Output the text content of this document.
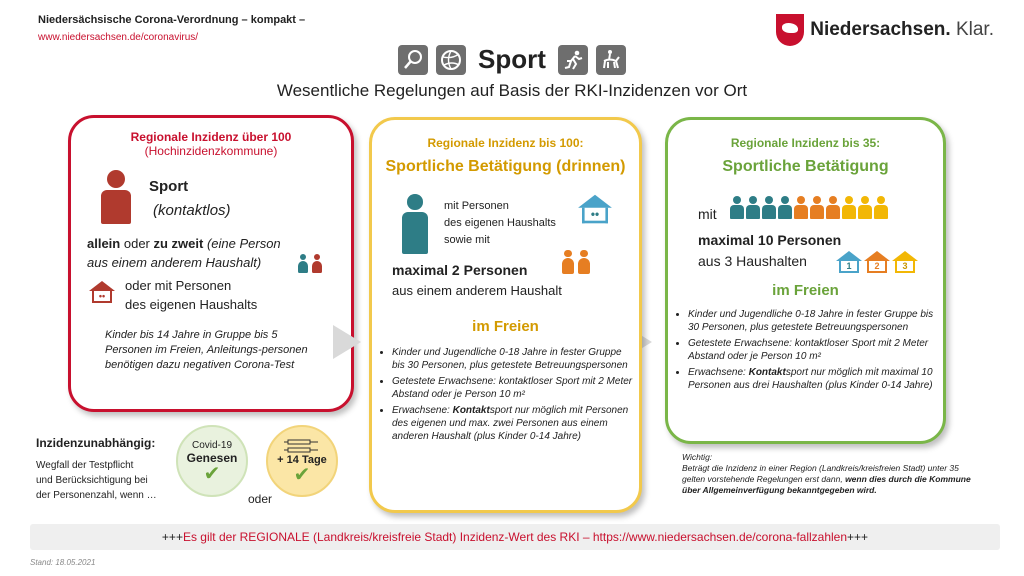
Niedersächsische Corona-Verordnung – kompakt –
www.niedersachsen.de/coronavirus/	Niedersachsen. Klar.
Sport
Wesentliche Regelungen auf Basis der RKI-Inzidenzen vor Ort
Regionale Inzidenz über 100
(Hochinzidenzkommune)
Sport
(kontaktlos)
allein oder zu zweit (eine Person
aus einem anderem Haushalt)
••
oder mit Personen
des eigenen Haushalts
Kinder bis 14 Jahre in Gruppe bis 5 Personen im Freien, Anleitungs-personen benötigen dazu negativen Corona-Test
Regionale Inzidenz bis 100:
Sportliche Betätigung (drinnen)
mit Personen
des eigenen Haushalts
sowie mit
••
maximal 2 Personen
aus einem anderem Haushalt
im Freien
• Kinder und Jugendliche 0-18 Jahre in fester Gruppe bis 30 Personen, plus getestete Betreuungspersonen
• Getestete Erwachsene: kontaktloser Sport mit 2 Meter Abstand oder je Person 10 m²
• Erwachsene: Kontaktsport nur möglich mit Personen des eigenen und max. zwei Personen aus einem anderen Haushalt (plus Kinder 0-14 Jahre)
Regionale Inzidenz bis 35:
Sportliche Betätigung
mit
maximal 10 Personen
aus 3 Haushalten	1	2	3
im Freien
• Kinder und Jugendliche 0-18 Jahre in fester Gruppe bis 30 Personen, plus getestete Betreuungspersonen
• Getestete Erwachsene: kontaktloser Sport mit 2 Meter Abstand oder je Person 10 m²
• Erwachsene: Kontaktsport nur möglich mit maximal 10 Personen aus drei Haushalten (plus Kinder 0-14 Jahre)
Inzidenzunabhängig:
Wegfall der Testpflicht
und Berücksichtigung bei
der Personenzahl, wenn …
Covid-19
Genesen
✔
oder
+ 14 Tage
✔
Wichtig:
Beträgt die Inzidenz in einer Region (Landkreis/kreisfreien Stadt) unter 35 gelten vorstehende Regelungen erst dann, wenn dies durch die Kommune über Allgemeinverfügung bekanntgegeben wird.
+++ Es gilt der REGIONALE (Landkreis/kreisfreie Stadt) Inzidenz-Wert des RKI – https://www.niedersachsen.de/corona-fallzahlen +++
Stand: 18.05.2021
